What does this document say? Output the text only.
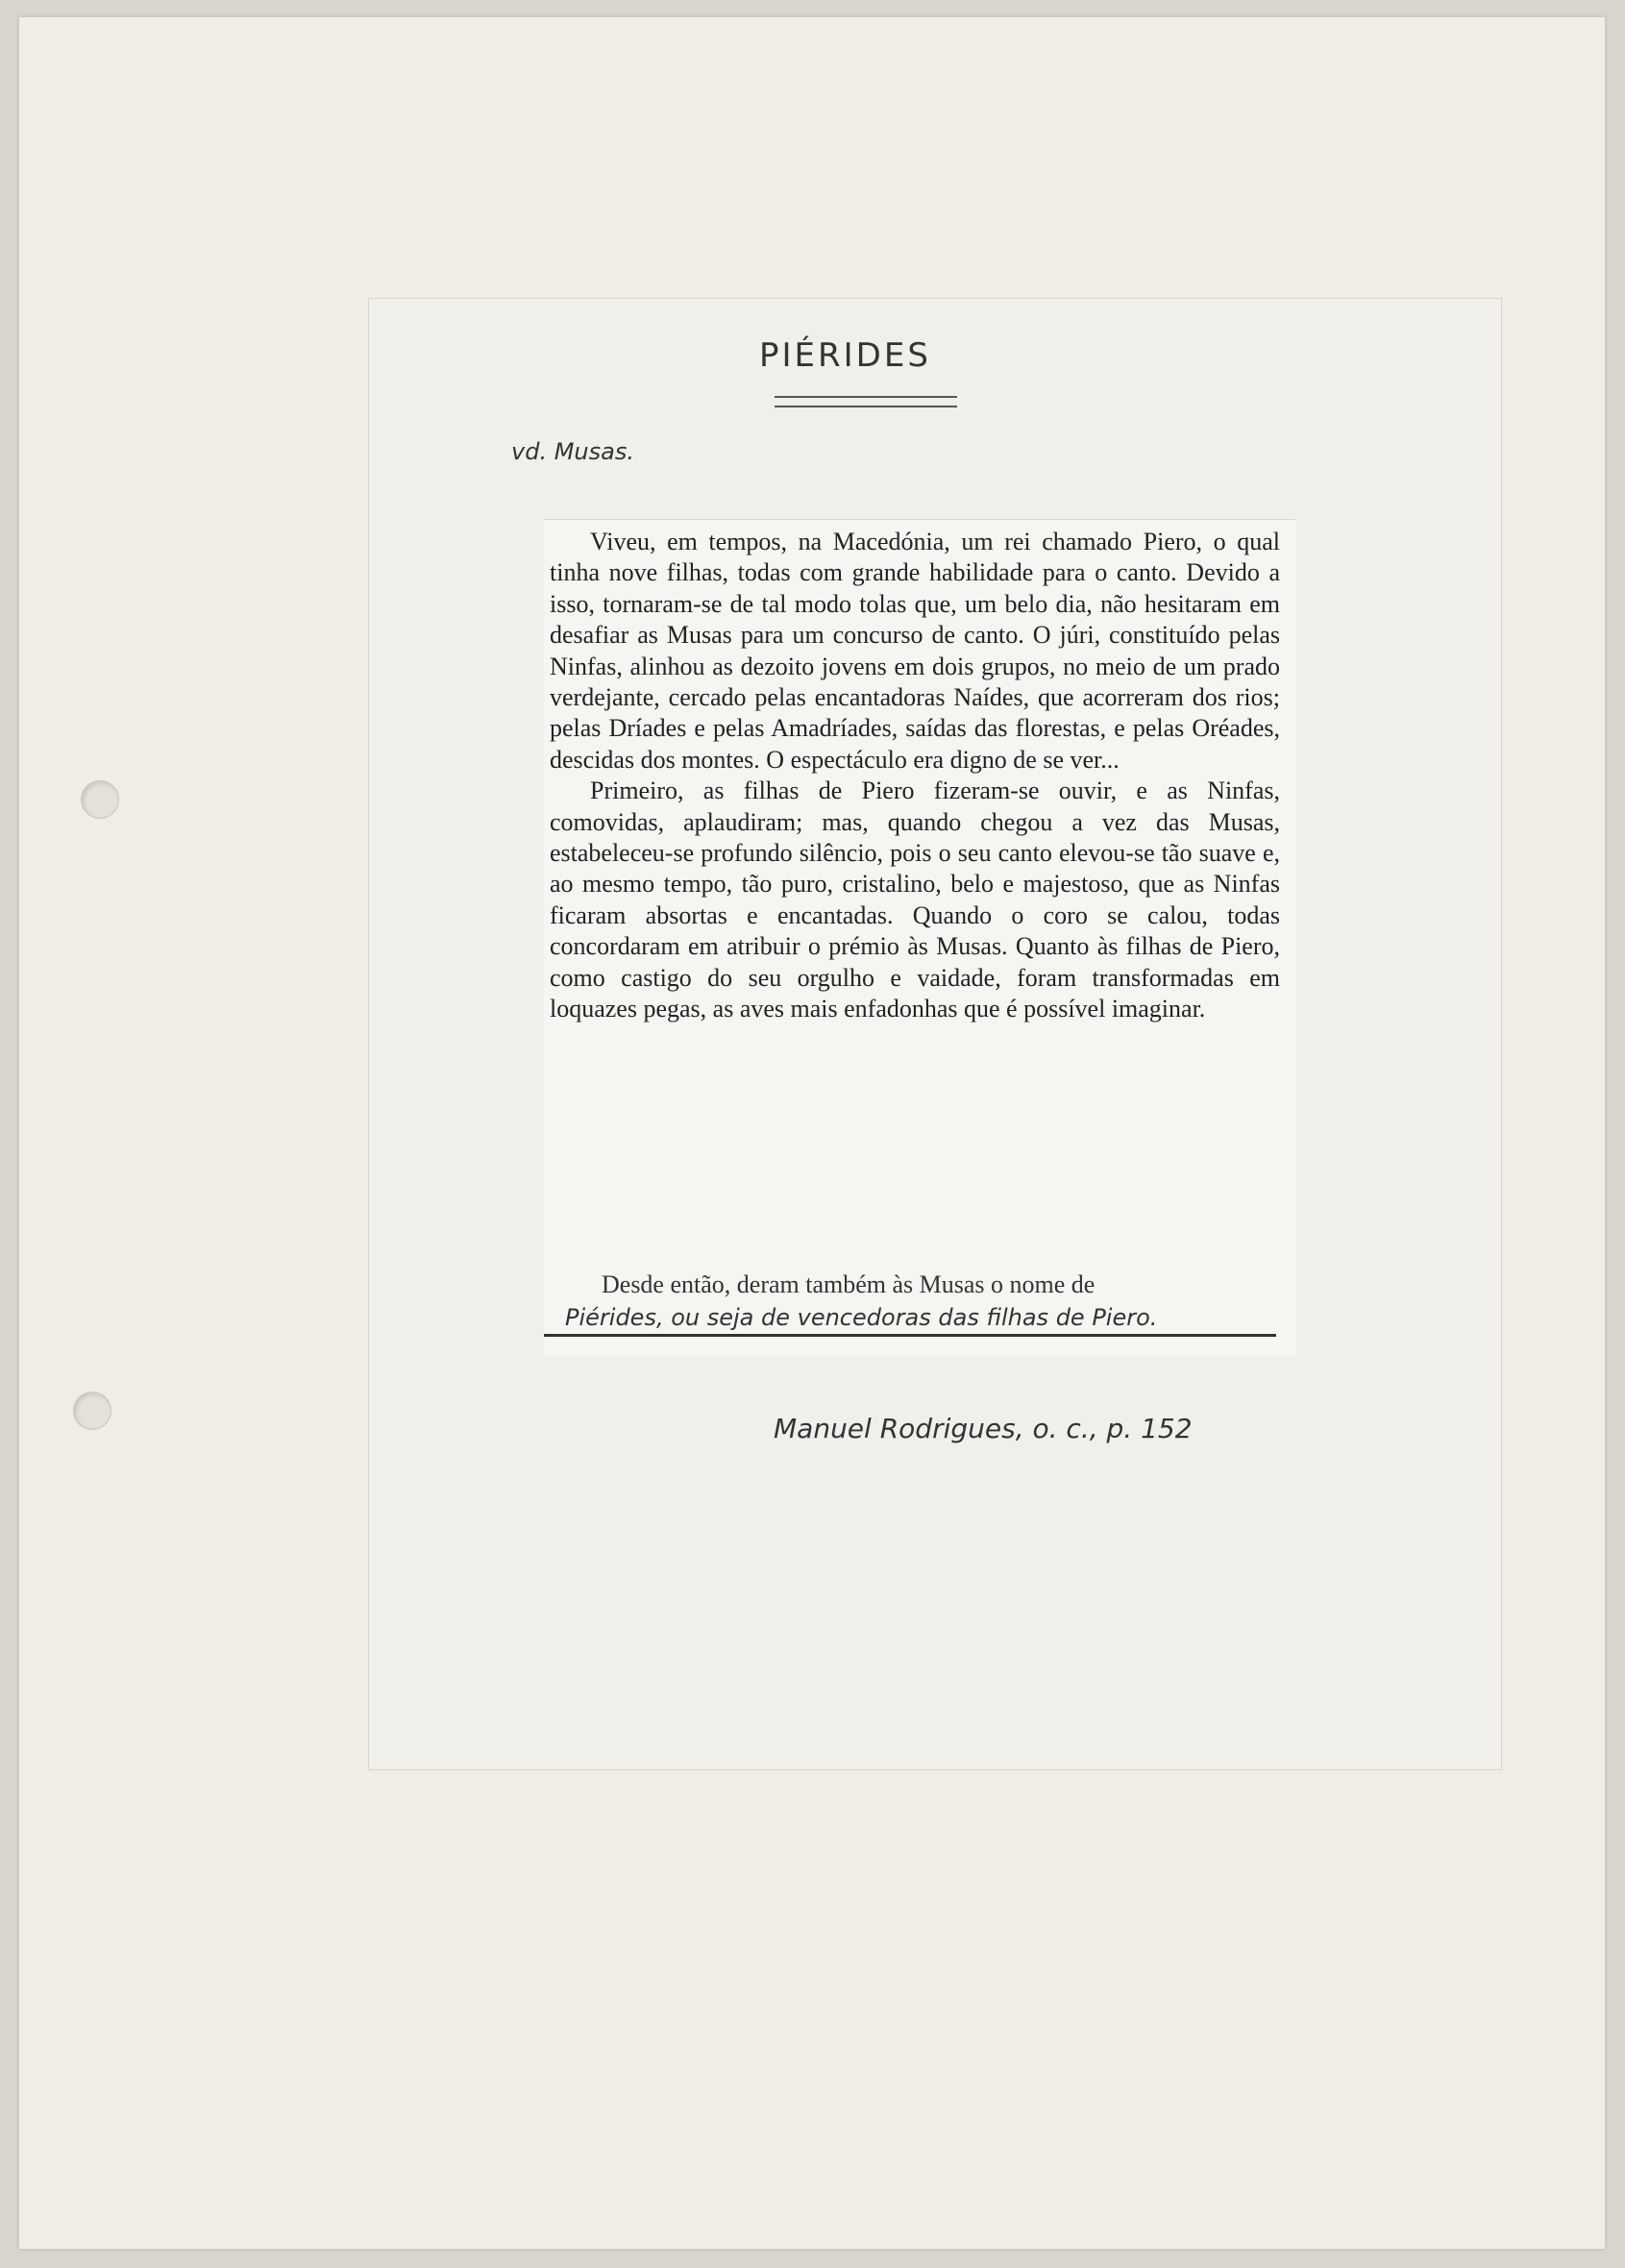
PIÉRIDES
vd. Musas.

Viveu, em tempos, na Macedónia, um rei chamado Piero, o qual tinha nove filhas, todas com grande habilidade para o canto. Devido a isso, tornaram-se de tal modo tolas que, um belo dia, não hesitaram em desafiar as Musas para um concurso de canto. O júri, constituído pelas Ninfas, alinhou as dezoito jovens em dois grupos, no meio de um prado verdejante, cercado pelas encantadoras Naídes, que acorreram dos rios; pelas Dríades e pelas Amadríades, saídas das florestas, e pelas Oréades, descidas dos montes. O espectáculo era digno de se ver...

Primeiro, as filhas de Piero fizeram-se ouvir, e as Ninfas, comovidas, aplaudiram; mas, quando chegou a vez das Musas, estabeleceu-se profundo silêncio, pois o seu canto elevou-se tão suave e, ao mesmo tempo, tão puro, cristalino, belo e majestoso, que as Ninfas ficaram absortas e encantadas. Quando o coro se calou, todas concordaram em atribuir o prémio às Musas. Quanto às filhas de Piero, como castigo do seu orgulho e vaidade, foram transformadas em loquazes pegas, as aves mais enfadonhas que é possível imaginar.

Desde então, deram também às Musas o nome de
Piérides, ou seja de vencedoras das filhas de Piero.
Manuel Rodrigues, o. c., p. 152
